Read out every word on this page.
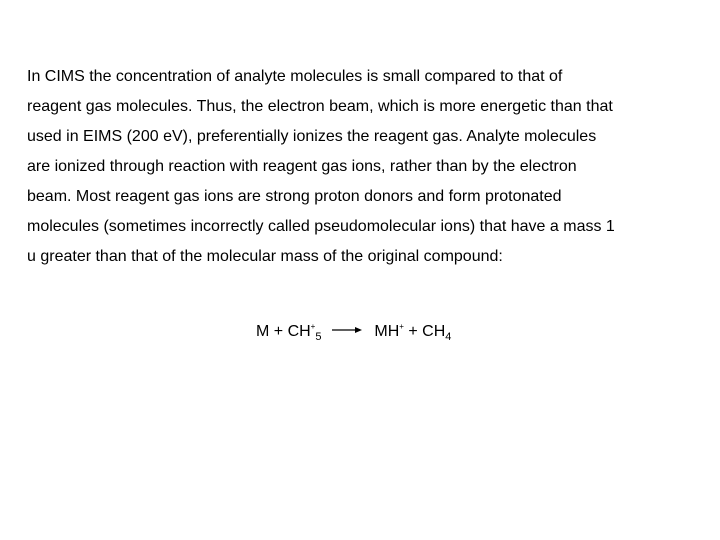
In CIMS the concentration of analyte molecules is small compared to that of
reagent gas molecules. Thus, the electron beam, which is more energetic than that
used in EIMS (200 eV), preferentially ionizes the reagent gas. Analyte molecules
are ionized through reaction with reagent gas ions, rather than by the electron
beam. Most reagent gas ions are strong proton donors and form protonated
molecules (sometimes incorrectly called pseudomolecular ions) that have a mass 1
u greater than that of the molecular mass of the original compound:
M + CH+5	MH+ + CH4
